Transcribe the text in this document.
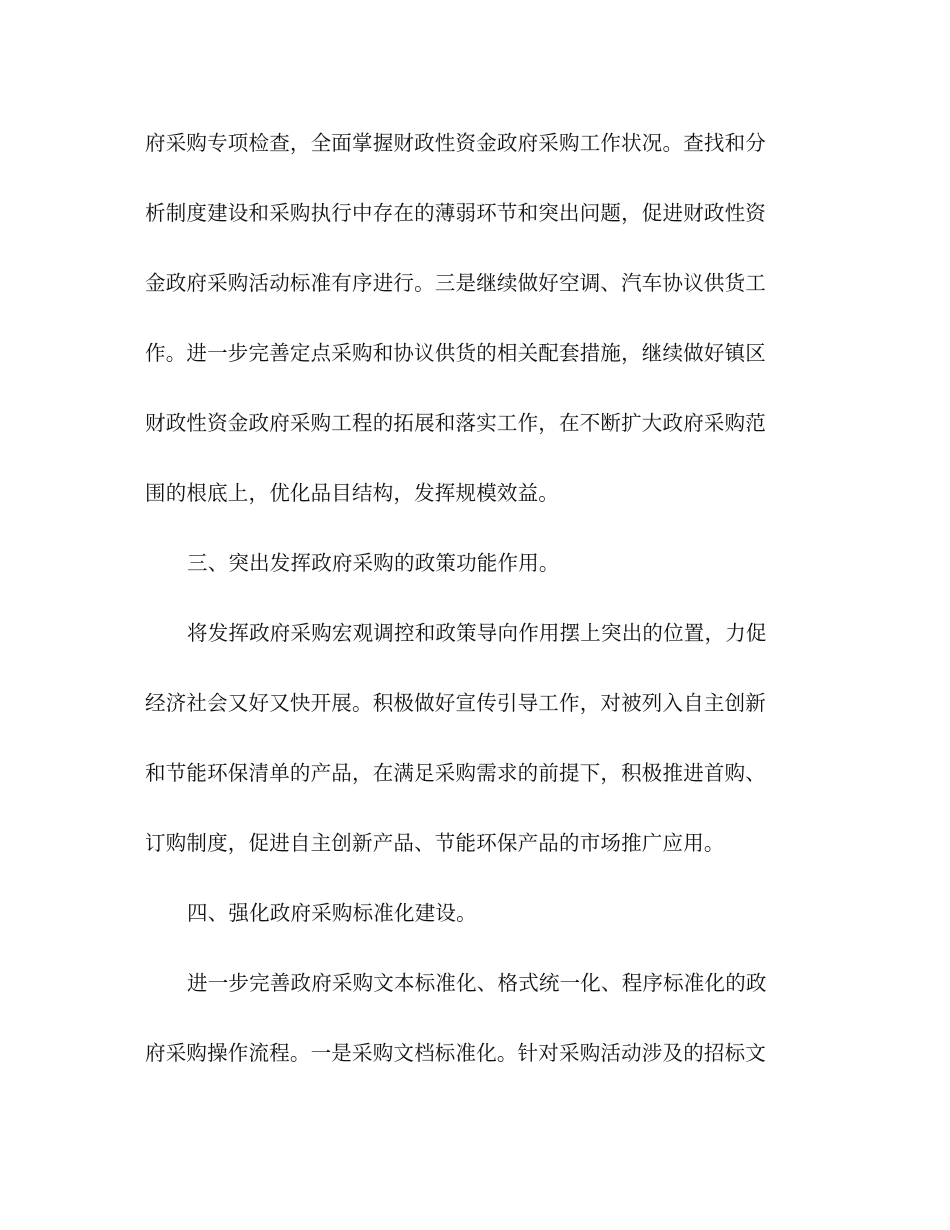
府采购专项检查，全面掌握财政性资金政府采购工作状况。查找和分
析制度建设和采购执行中存在的薄弱环节和突出问题，促进财政性资
金政府采购活动标准有序进行。三是继续做好空调、汽车协议供货工
作。进一步完善定点采购和协议供货的相关配套措施，继续做好镇区
财政性资金政府采购工程的拓展和落实工作，在不断扩大政府采购范
围的根底上，优化品目结构，发挥规模效益。
三、突出发挥政府采购的政策功能作用。
将发挥政府采购宏观调控和政策导向作用摆上突出的位置，力促
经济社会又好又快开展。积极做好宣传引导工作，对被列入自主创新
和节能环保清单的产品，在满足采购需求的前提下，积极推进首购、
订购制度，促进自主创新产品、节能环保产品的市场推广应用。
四、强化政府采购标准化建设。
进一步完善政府采购文本标准化、格式统一化、程序标准化的政
府采购操作流程。一是采购文档标准化。针对采购活动涉及的招标文
